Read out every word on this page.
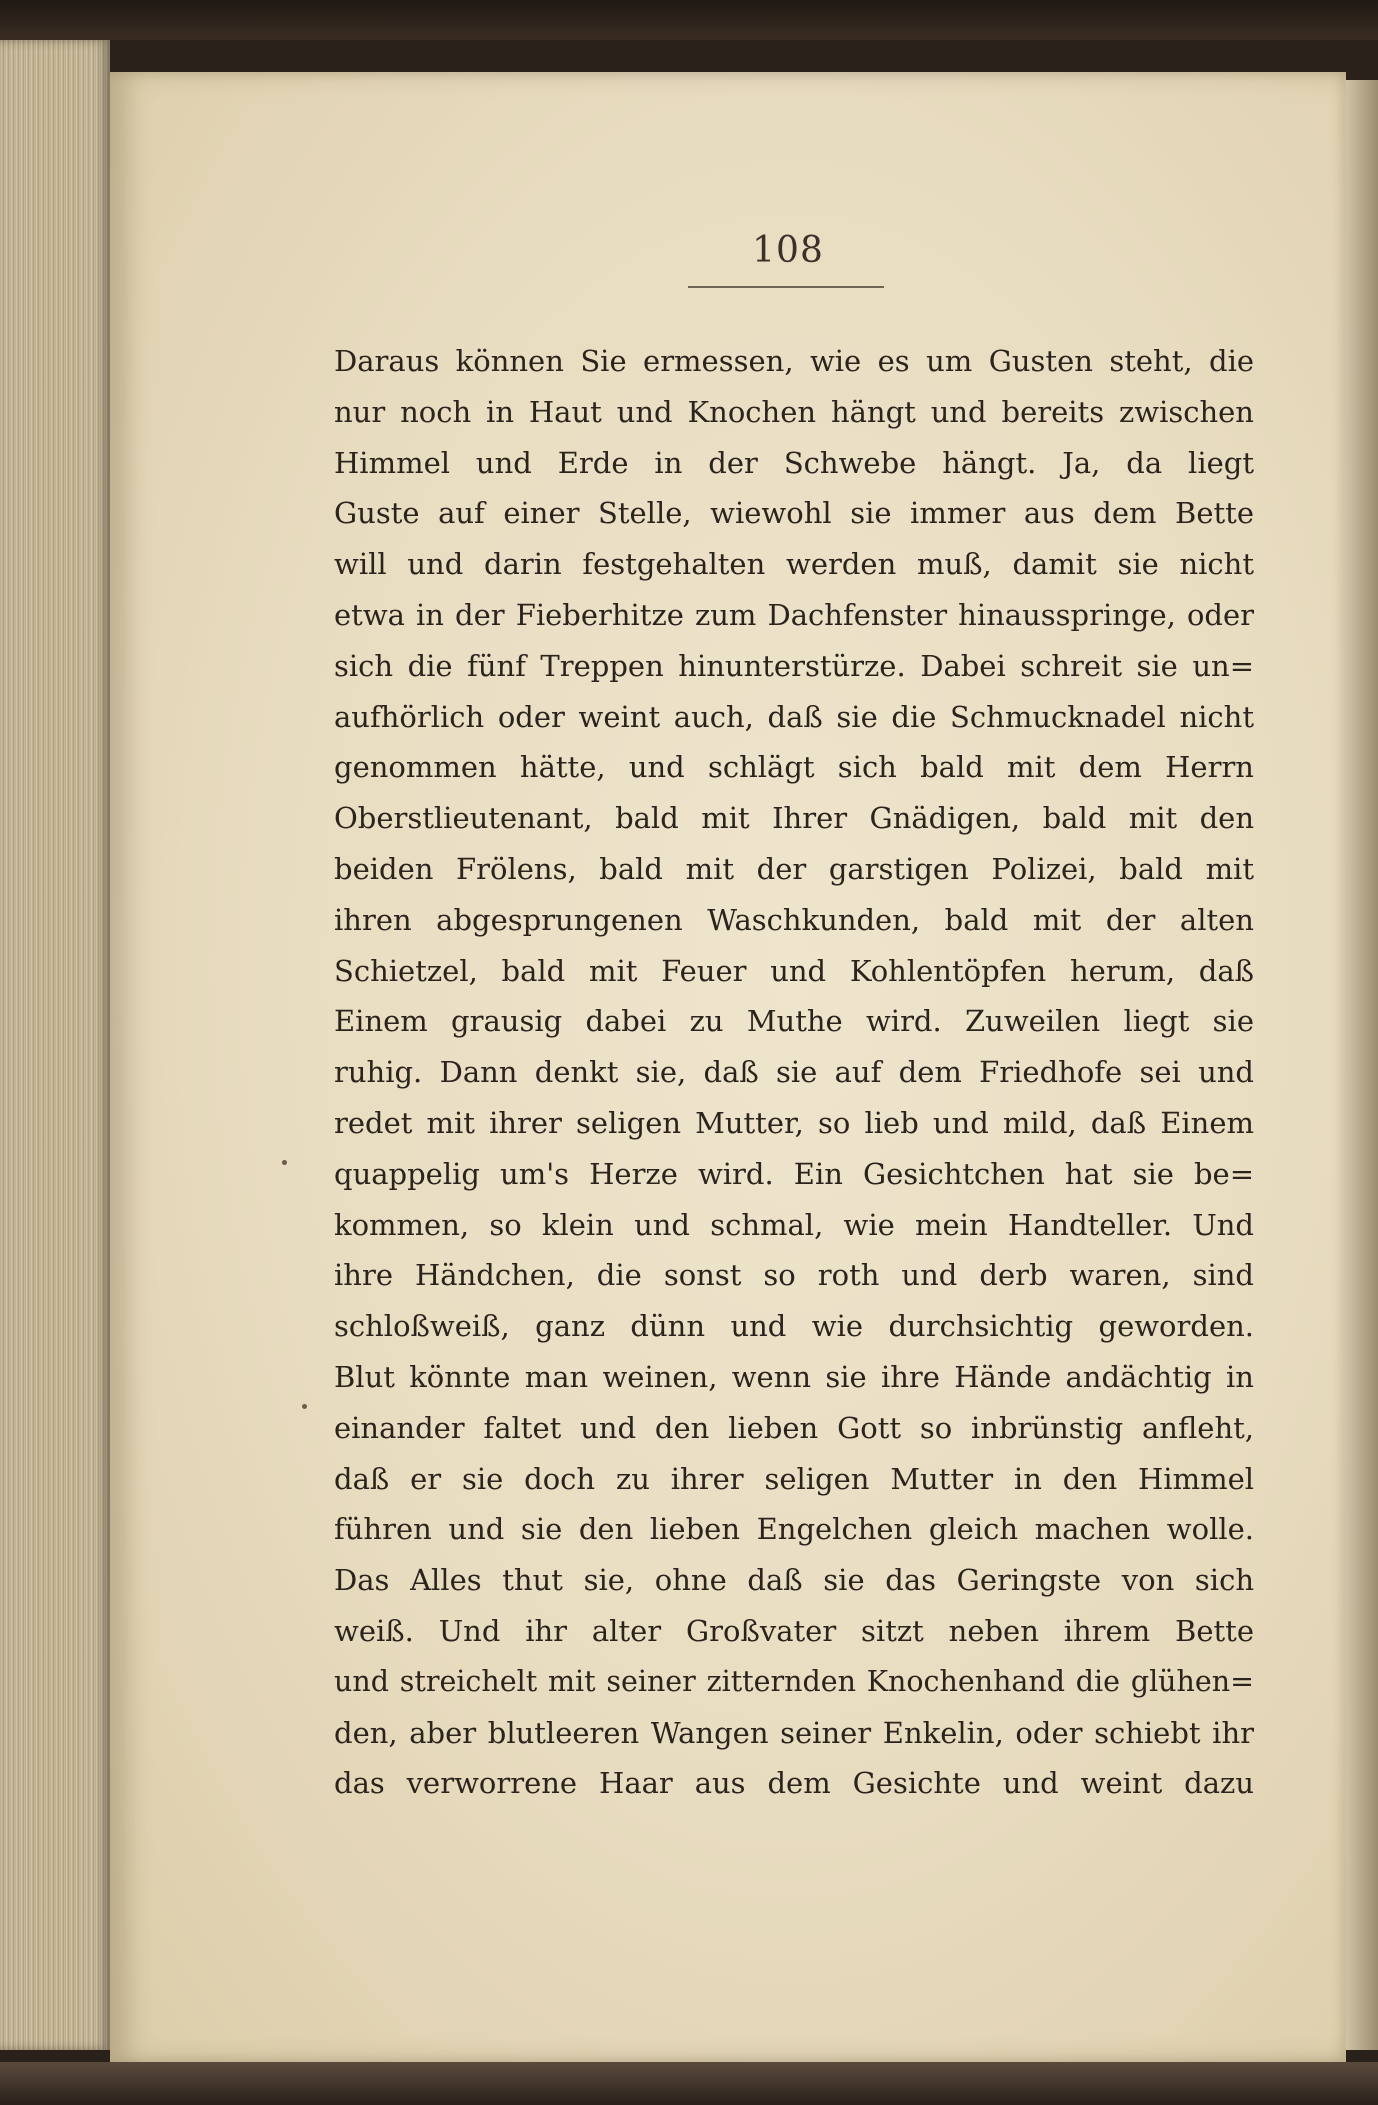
108
Daraus können Sie ermessen, wie es um Gusten steht, die
nur noch in Haut und Knochen hängt und bereits zwischen
Himmel und Erde in der Schwebe hängt. Ja, da liegt
Guste auf einer Stelle, wiewohl sie immer aus dem Bette
will und darin festgehalten werden muß, damit sie nicht
etwa in der Fieberhitze zum Dachfenster hinausspringe, oder
sich die fünf Treppen hinunterstürze. Dabei schreit sie un=
aufhörlich oder weint auch, daß sie die Schmucknadel nicht
genommen hätte, und schlägt sich bald mit dem Herrn
Oberstlieutenant, bald mit Ihrer Gnädigen, bald mit den
beiden Frölens, bald mit der garstigen Polizei, bald mit
ihren abgesprungenen Waschkunden, bald mit der alten
Schietzel, bald mit Feuer und Kohlentöpfen herum, daß
Einem grausig dabei zu Muthe wird. Zuweilen liegt sie
ruhig. Dann denkt sie, daß sie auf dem Friedhofe sei und
redet mit ihrer seligen Mutter, so lieb und mild, daß Einem
quappelig um's Herze wird. Ein Gesichtchen hat sie be=
kommen, so klein und schmal, wie mein Handteller. Und
ihre Händchen, die sonst so roth und derb waren, sind
schloßweiß, ganz dünn und wie durchsichtig geworden.
Blut könnte man weinen, wenn sie ihre Hände andächtig in
einander faltet und den lieben Gott so inbrünstig anfleht,
daß er sie doch zu ihrer seligen Mutter in den Himmel
führen und sie den lieben Engelchen gleich machen wolle.
Das Alles thut sie, ohne daß sie das Geringste von sich
weiß. Und ihr alter Großvater sitzt neben ihrem Bette
und streichelt mit seiner zitternden Knochenhand die glühen=
den, aber blutleeren Wangen seiner Enkelin, oder schiebt ihr
das verworrene Haar aus dem Gesichte und weint dazu
